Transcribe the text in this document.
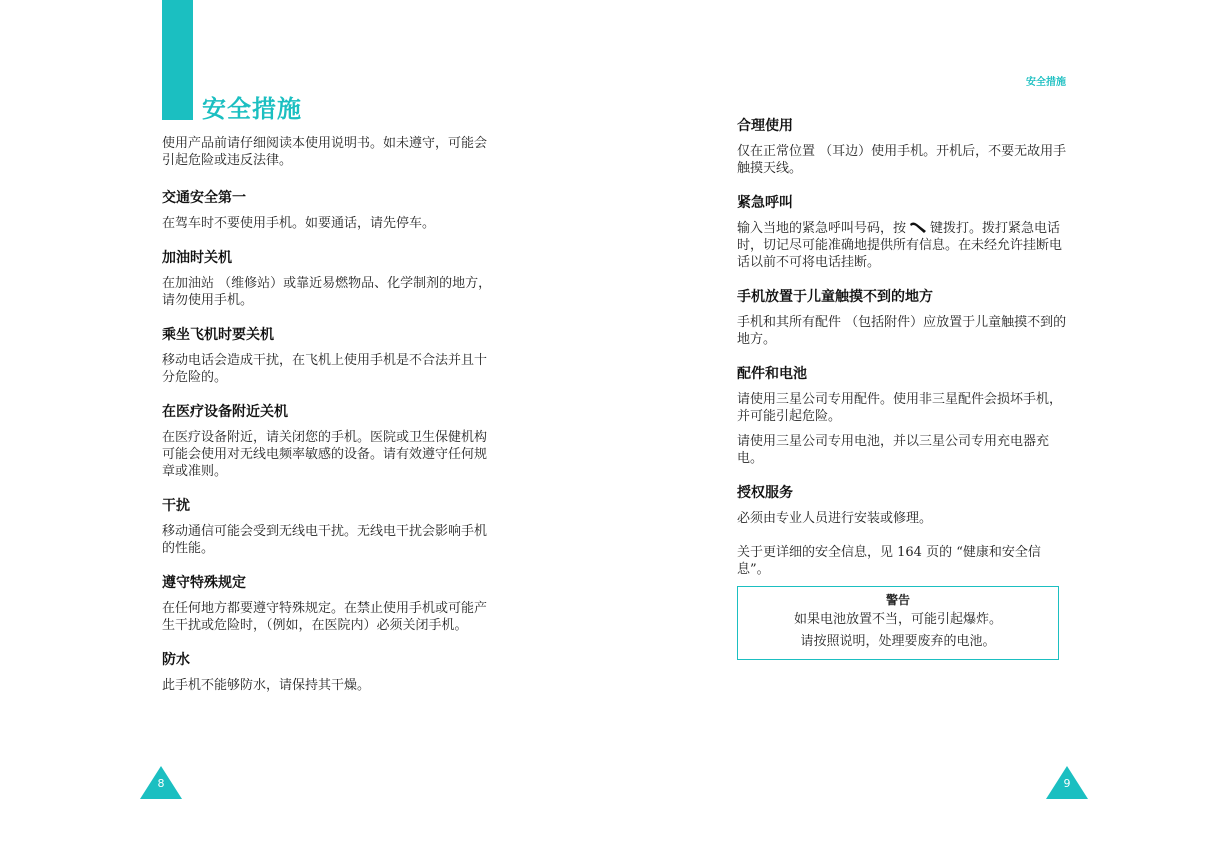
安全措施

使用产品前请仔细阅读本使用说明书。如未遵守，可能会引起危险或违反法律。

交通安全第一

在驾车时不要使用手机。如要通话，请先停车。

加油时关机

在加油站 （维修站）或靠近易燃物品、化学制剂的地方，请勿使用手机。

乘坐飞机时要关机

移动电话会造成干扰，在飞机上使用手机是不合法并且十分危险的。

在医疗设备附近关机

在医疗设备附近，请关闭您的手机。医院或卫生保健机构可能会使用对无线电频率敏感的设备。请有效遵守任何规章或准则。

干扰

移动通信可能会受到无线电干扰。无线电干扰会影响手机的性能。

遵守特殊规定

在任何地方都要遵守特殊规定。在禁止使用手机或可能产生干扰或危险时，（例如，在医院内）必须关闭手机。

防水

此手机不能够防水，请保持其干燥。

8
安全措施
合理使用

仅在正常位置 （耳边）使用手机。开机后，不要无故用手触摸天线。

紧急呼叫

输入当地的紧急呼叫号码，按 键拨打。拨打紧急电话时，切记尽可能准确地提供所有信息。在未经允许挂断电话以前不可将电话挂断。

手机放置于儿童触摸不到的地方

手机和其所有配件 （包括附件）应放置于儿童触摸不到的地方。

配件和电池

请使用三星公司专用配件。使用非三星配件会损坏手机，并可能引起危险。

请使用三星公司专用电池，并以三星公司专用充电器充电。

授权服务

必须由专业人员进行安装或修理。

关于更详细的安全信息，见 164 页的 “健康和安全信息”。

警告
如果电池放置不当，可能引起爆炸。
请按照说明，处理要废弃的电池。
9
